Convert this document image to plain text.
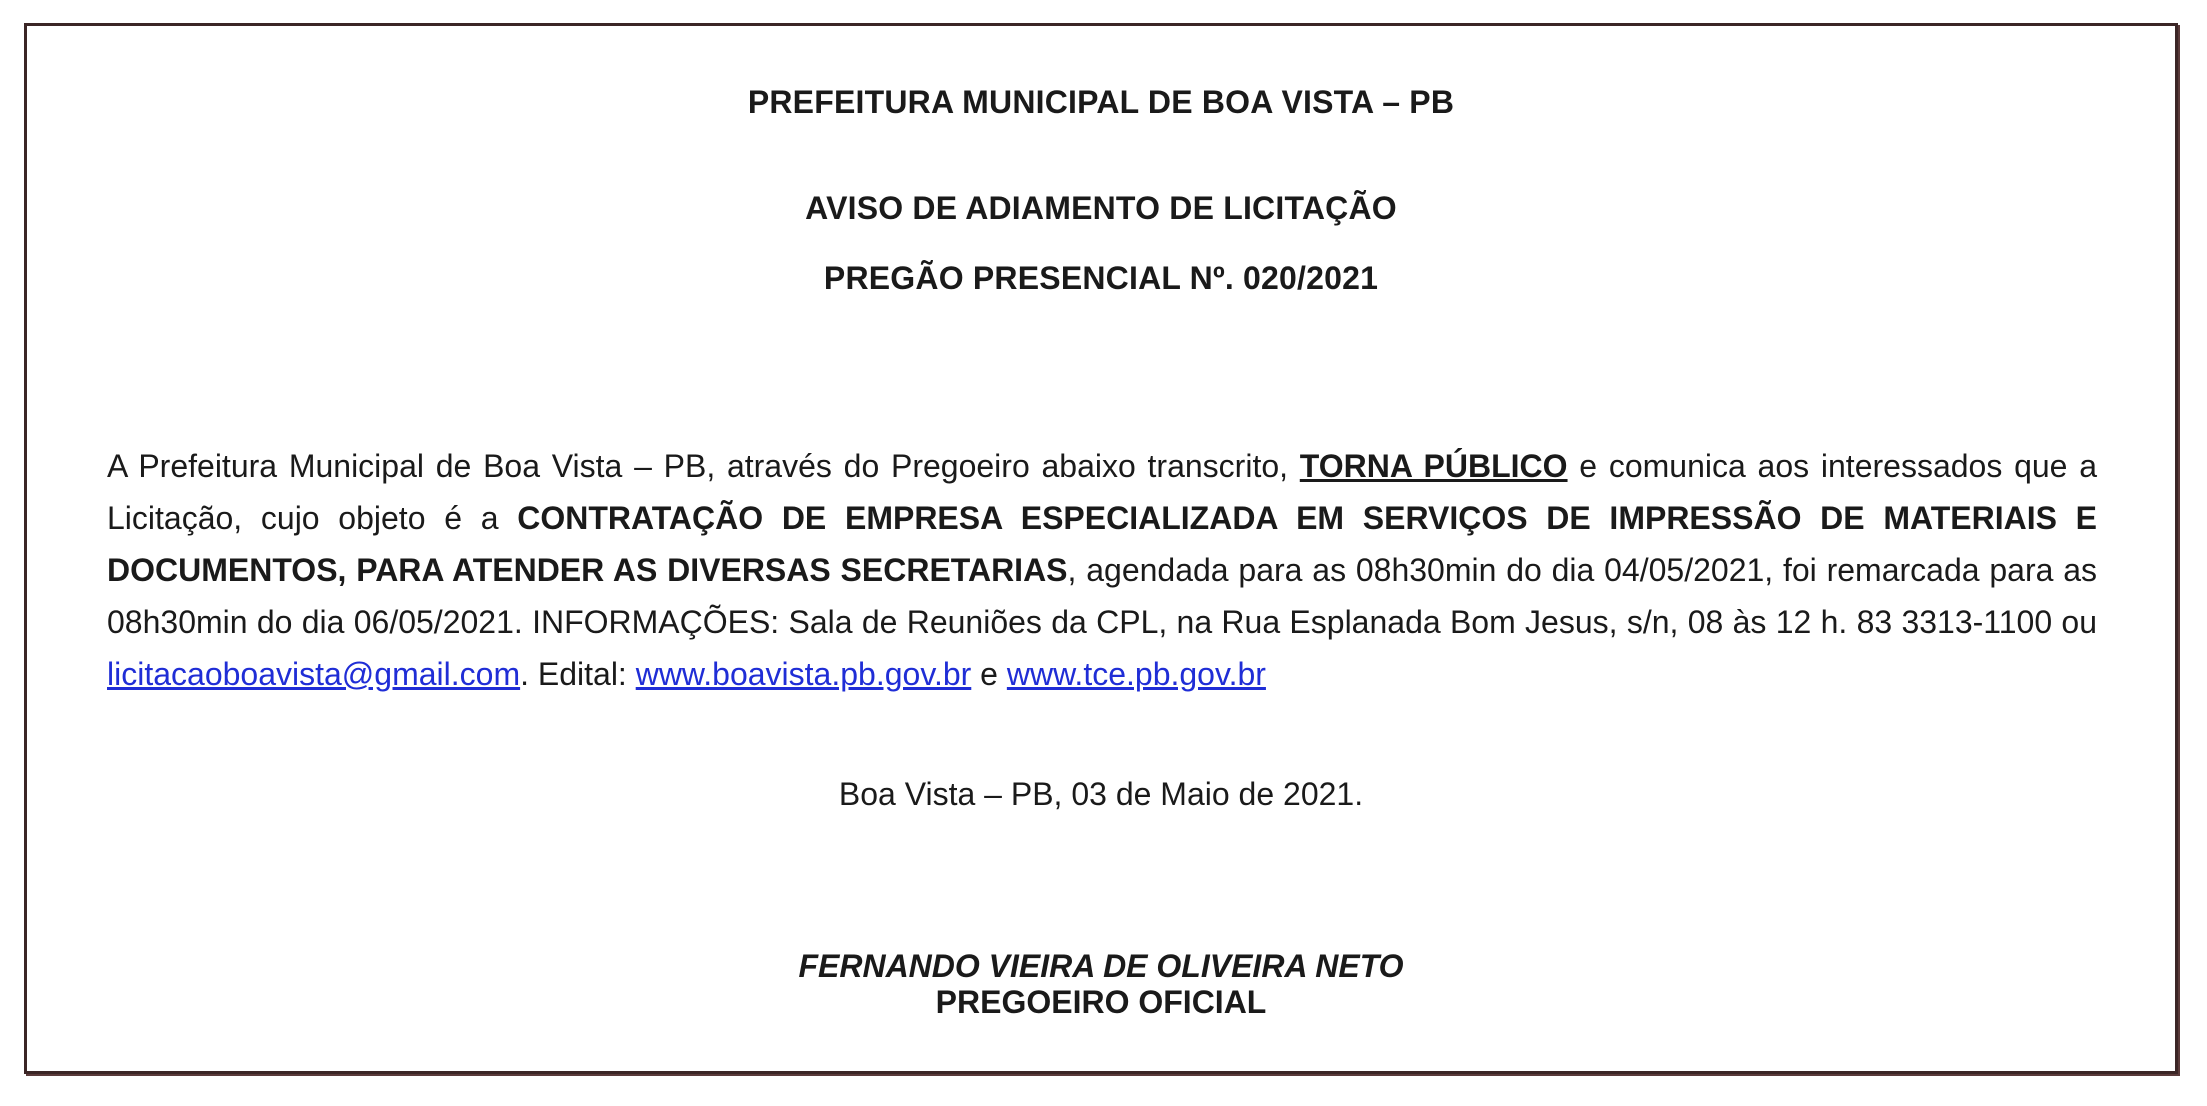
PREFEITURA MUNICIPAL DE BOA VISTA – PB
AVISO DE ADIAMENTO DE LICITAÇÃO
PREGÃO PRESENCIAL Nº. 020/2021
A Prefeitura Municipal de Boa Vista – PB, através do Pregoeiro abaixo transcrito, TORNA PÚBLICO e comunica aos interessados que a Licitação, cujo objeto é a CONTRATAÇÃO DE EMPRESA ESPECIALIZADA EM SERVIÇOS DE IMPRESSÃO DE MATERIAIS E DOCUMENTOS, PARA ATENDER AS DIVERSAS SECRETARIAS, agendada para as 08h30min do dia 04/05/2021, foi remarcada para as 08h30min do dia 06/05/2021. INFORMAÇÕES: Sala de Reuniões da CPL, na Rua Esplanada Bom Jesus, s/n, 08 às 12 h. 83 3313-1100 ou licitacaoboavista@gmail.com. Edital: www.boavista.pb.gov.br e www.tce.pb.gov.br
Boa Vista – PB, 03 de Maio de 2021.
FERNANDO VIEIRA DE OLIVEIRA NETO
PREGOEIRO OFICIAL
